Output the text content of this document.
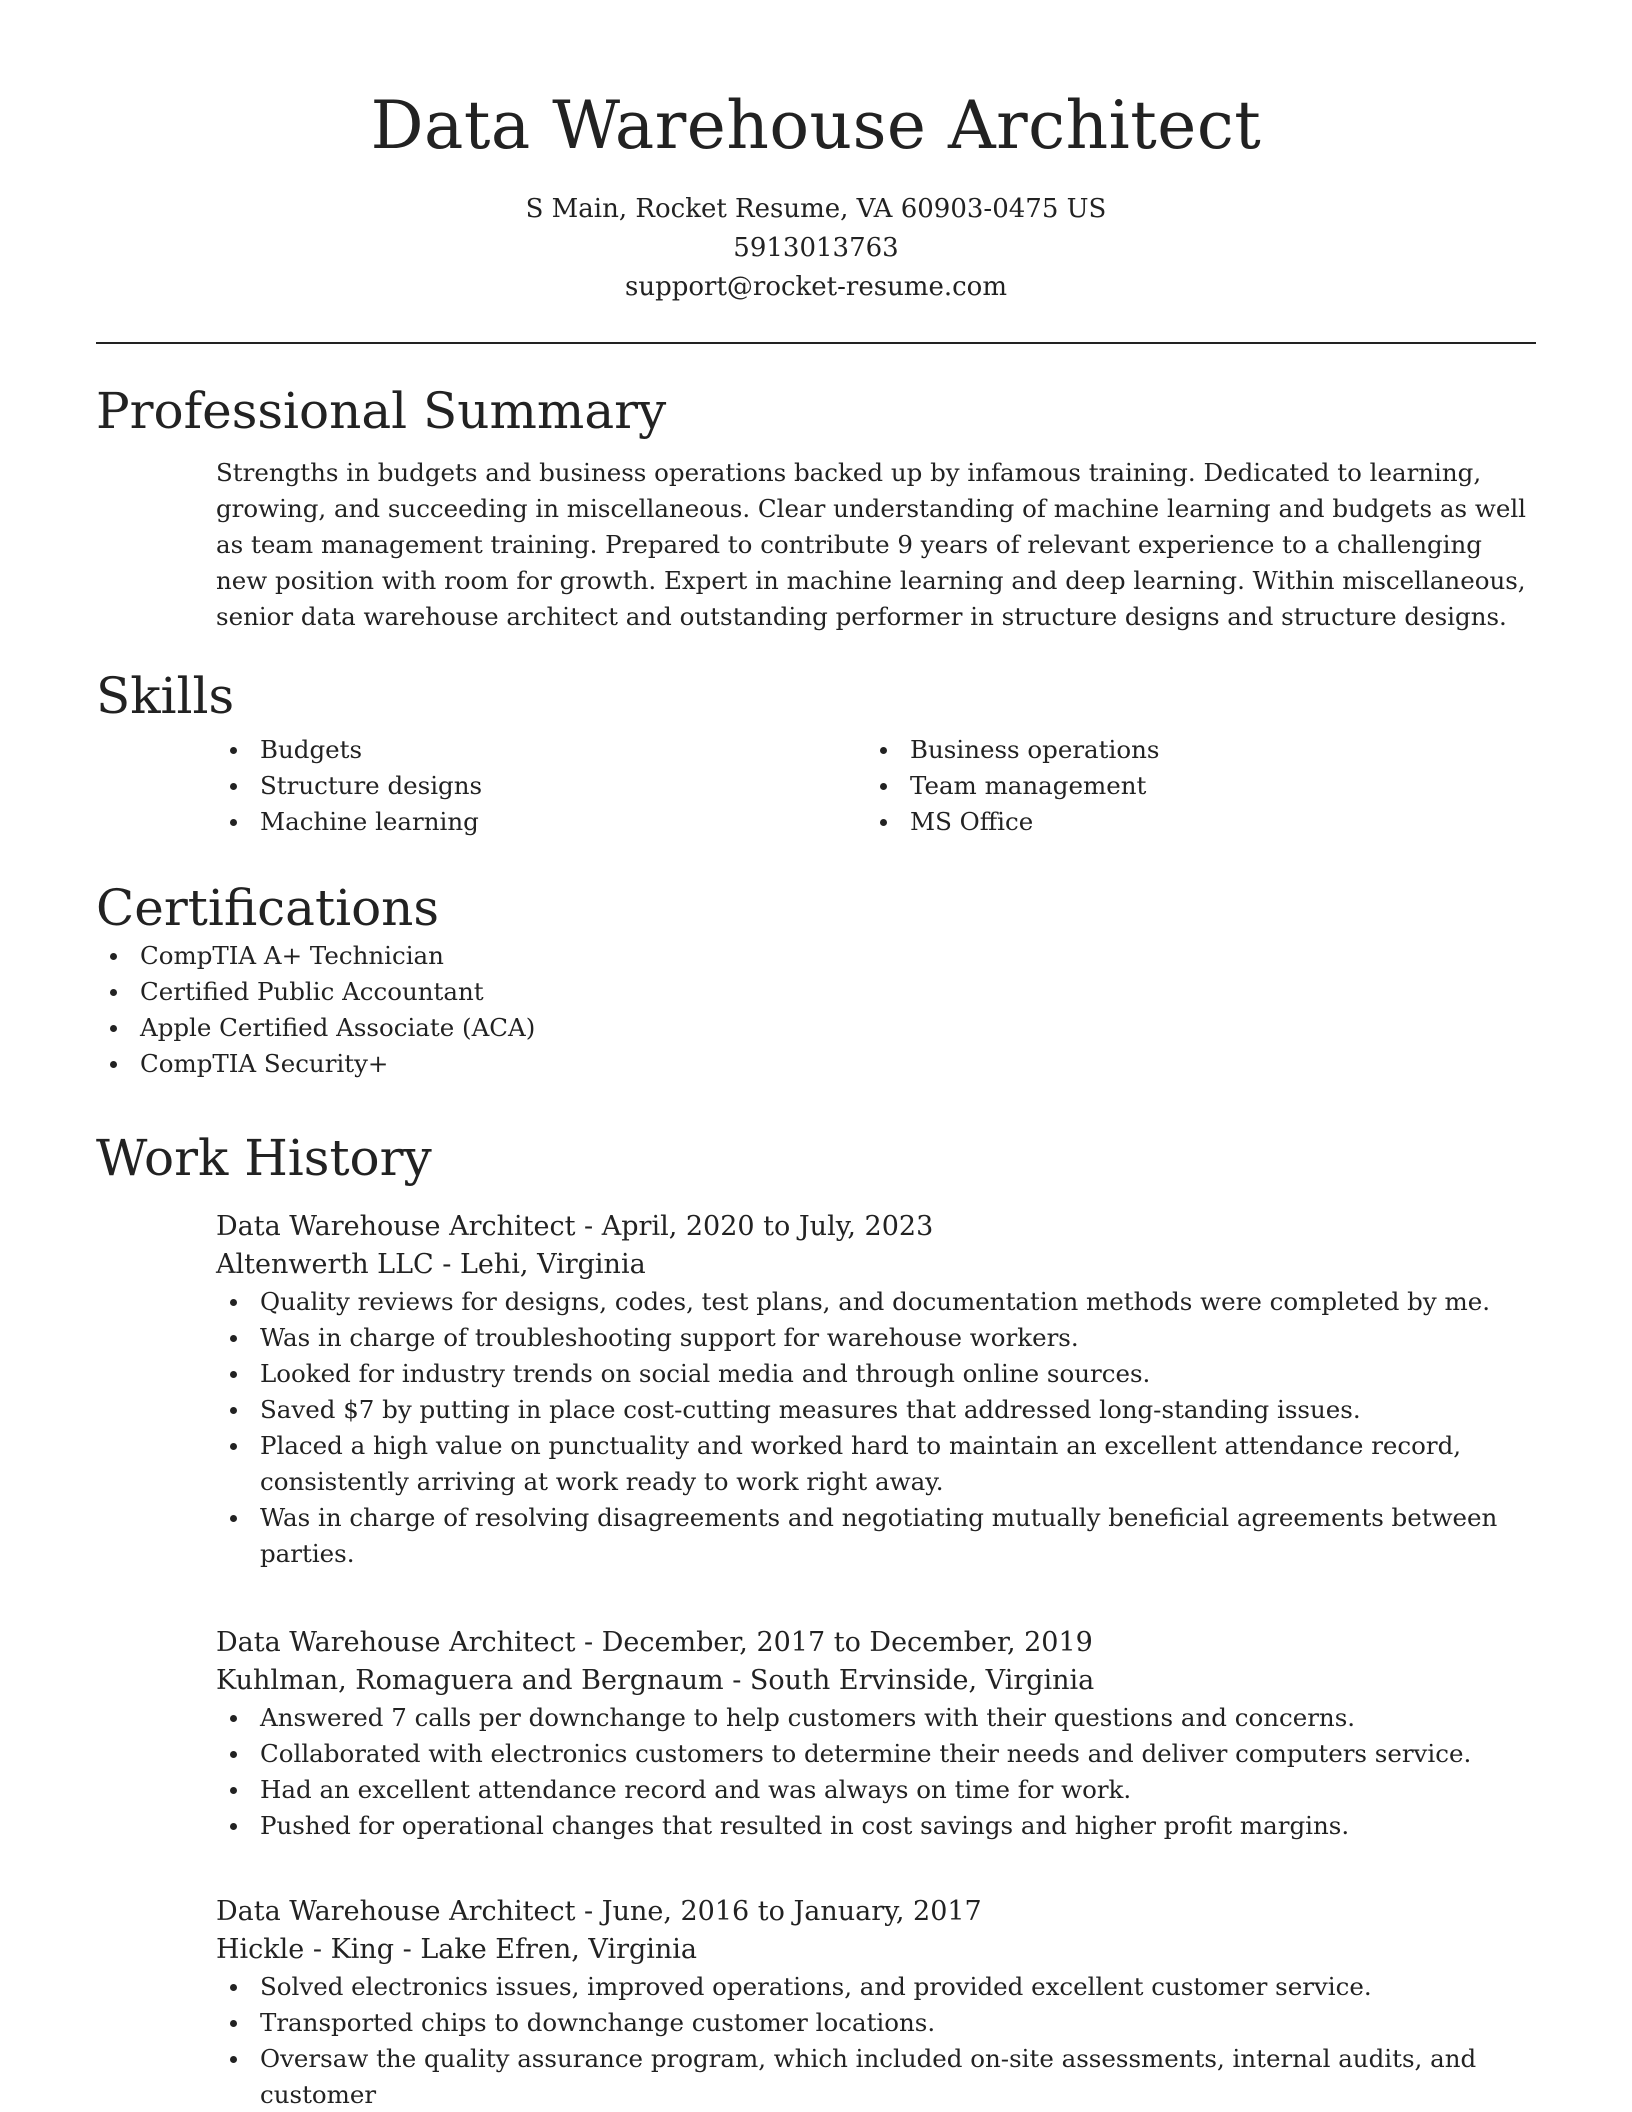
Data Warehouse Architect
S Main, Rocket Resume, VA 60903-0475 US
5913013763
support@rocket-resume.com
Professional Summary
Strengths in budgets and business operations backed up by infamous training. Dedicated to learning, growing, and succeeding in miscellaneous. Clear understanding of machine learning and budgets as well as team management training. Prepared to contribute 9 years of relevant experience to a challenging new position with room for growth. Expert in machine learning and deep learning. Within miscellaneous, senior data warehouse architect and outstanding performer in structure designs and structure designs.
Skills
Budgets
Structure designs
Machine learning
Business operations
Team management
MS Office
Certifications
CompTIA A+ Technician
Certified Public Accountant
Apple Certified Associate (ACA)
CompTIA Security+
Work History
Data Warehouse Architect - April, 2020 to July, 2023
Altenwerth LLC - Lehi, Virginia
Quality reviews for designs, codes, test plans, and documentation methods were completed by me.
Was in charge of troubleshooting support for warehouse workers.
Looked for industry trends on social media and through online sources.
Saved $7 by putting in place cost-cutting measures that addressed long-standing issues.
Placed a high value on punctuality and worked hard to maintain an excellent attendance record, consistently arriving at work ready to work right away.
Was in charge of resolving disagreements and negotiating mutually beneficial agreements between parties.
Data Warehouse Architect - December, 2017 to December, 2019
Kuhlman, Romaguera and Bergnaum - South Ervinside, Virginia
Answered 7 calls per downchange to help customers with their questions and concerns.
Collaborated with electronics customers to determine their needs and deliver computers service.
Had an excellent attendance record and was always on time for work.
Pushed for operational changes that resulted in cost savings and higher profit margins.
Data Warehouse Architect - June, 2016 to January, 2017
Hickle - King - Lake Efren, Virginia
Solved electronics issues, improved operations, and provided excellent customer service.
Transported chips to downchange customer locations.
Oversaw the quality assurance program, which included on-site assessments, internal audits, and customer
